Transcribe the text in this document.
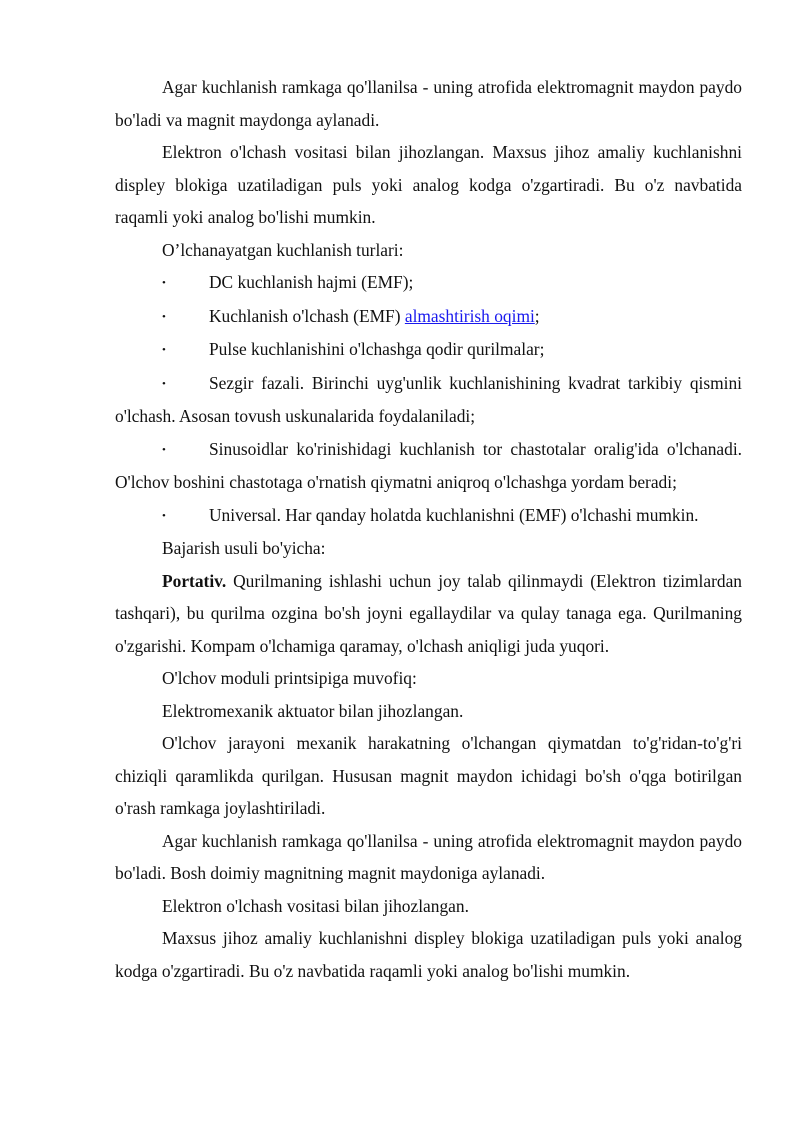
Agar kuchlanish ramkaga qo'llanilsa - uning atrofida elektromagnit maydon paydo bo'ladi va magnit maydonga aylanadi.

Elektron o'lchash vositasi bilan jihozlangan. Maxsus jihoz amaliy kuchlanishni displey blokiga uzatiladigan puls yoki analog kodga o'zgartiradi. Bu o'z navbatida raqamli yoki analog bo'lishi mumkin.

O’lchanayatgan kuchlanish turlari:

• DC kuchlanish hajmi (EMF);
• Kuchlanish o'lchash (EMF) almashtirish oqimi;
• Pulse kuchlanishini o'lchashga qodir qurilmalar;
• Sezgir fazali. Birinchi uyg'unlik kuchlanishining kvadrat tarkibiy qismini o'lchash. Asosan tovush uskunalarida foydalaniladi;
• Sinusoidlar ko'rinishidagi kuchlanish tor chastotalar oralig'ida o'lchanadi. O'lchov boshini chastotaga o'rnatish qiymatni aniqroq o'lchashga yordam beradi;
• Universal. Har qanday holatda kuchlanishni (EMF) o'lchashi mumkin.

Bajarish usuli bo'yicha:

Portativ. Qurilmaning ishlashi uchun joy talab qilinmaydi (Elektron tizimlardan tashqari), bu qurilma ozgina bo'sh joyni egallaydilar va qulay tanaga ega. Qurilmaning o'zgarishi. Kompam o'lchamiga qaramay, o'lchash aniqligi juda yuqori.

O'lchov moduli printsipiga muvofiq:

Elektromexanik aktuator bilan jihozlangan.

O'lchov jarayoni mexanik harakatning o'lchangan qiymatdan to'g'ridan-to'g'ri chiziqli qaramlikda qurilgan. Hususan magnit maydon ichidagi bo'sh o'qga botirilgan o'rash ramkaga joylashtiriladi.

Agar kuchlanish ramkaga qo'llanilsa - uning atrofida elektromagnit maydon paydo bo'ladi. Bosh doimiy magnitning magnit maydoniga aylanadi.

Elektron o'lchash vositasi bilan jihozlangan.

Maxsus jihoz amaliy kuchlanishni displey blokiga uzatiladigan puls yoki analog kodga o'zgartiradi. Bu o'z navbatida raqamli yoki analog bo'lishi mumkin.
